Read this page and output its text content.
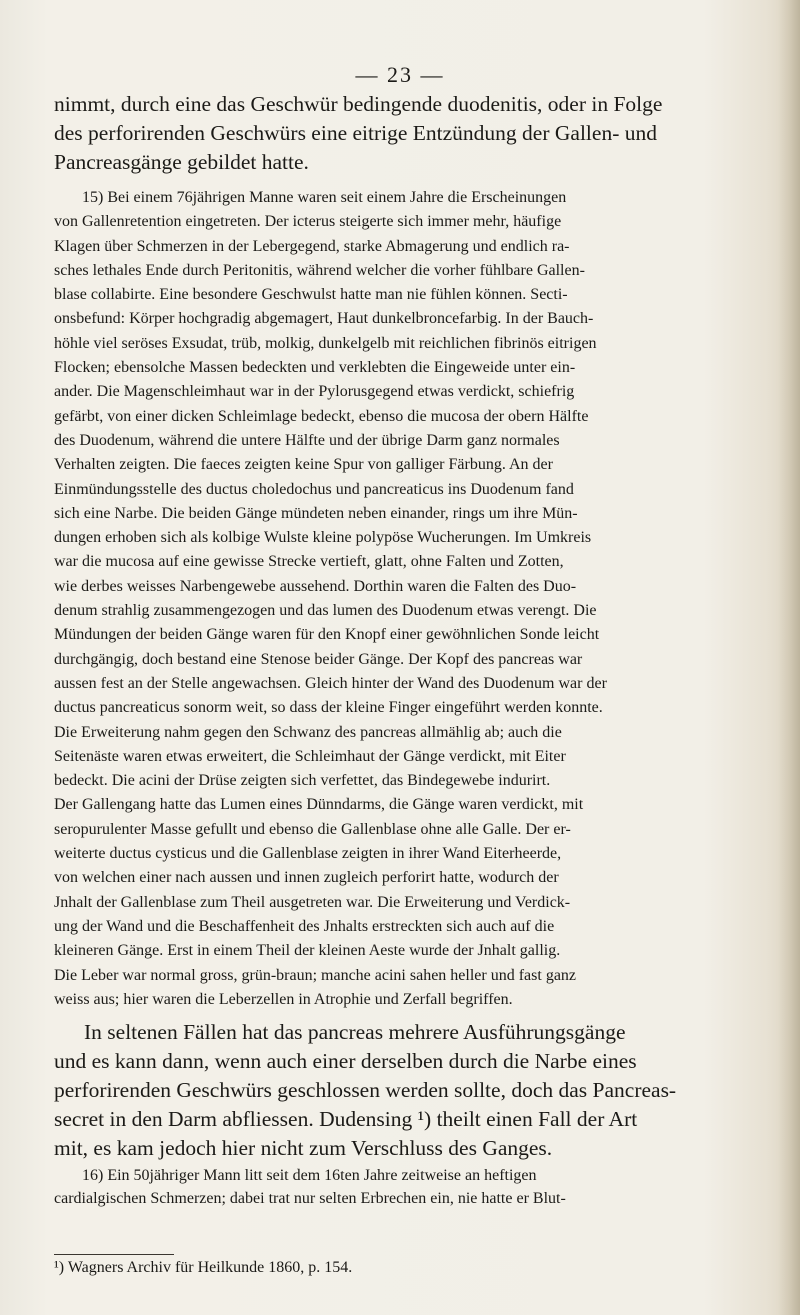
— 23 —
nimmt, durch eine das Geschwür bedingende duodenitis, oder in Folge
des perforirenden Geschwürs eine eitrige Entzündung der Gallen- und
Pancreasgänge gebildet hatte.
15) Bei einem 76jährigen Manne waren seit einem Jahre die Erscheinungen
von Gallenretention eingetreten. Der icterus steigerte sich immer mehr, häufige
Klagen über Schmerzen in der Lebergegend, starke Abmagerung und endlich ra-
sches lethales Ende durch Peritonitis, während welcher die vorher fühlbare Gallen-
blase collabirte. Eine besondere Geschwulst hatte man nie fühlen können. Secti-
onsbefund: Körper hochgradig abgemagert, Haut dunkelbroncefarbig. In der Bauch-
höhle viel seröses Exsudat, trüb, molkig, dunkelgelb mit reichlichen fibrinös eitrigen
Flocken; ebensolche Massen bedeckten und verklebten die Eingeweide unter ein-
ander. Die Magenschleimhaut war in der Pylorusgegend etwas verdickt, schiefrig
gefärbt, von einer dicken Schleimlage bedeckt, ebenso die mucosa der obern Hälfte
des Duodenum, während die untere Hälfte und der übrige Darm ganz normales
Verhalten zeigten. Die faeces zeigten keine Spur von galliger Färbung. An der
Einmündungsstelle des ductus choledochus und pancreaticus ins Duodenum fand
sich eine Narbe. Die beiden Gänge mündeten neben einander, rings um ihre Mün-
dungen erhoben sich als kolbige Wulste kleine polypöse Wucherungen. Im Umkreis
war die mucosa auf eine gewisse Strecke vertieft, glatt, ohne Falten und Zotten,
wie derbes weisses Narbengewebe aussehend. Dorthin waren die Falten des Duo-
denum strahlig zusammengezogen und das lumen des Duodenum etwas verengt. Die
Mündungen der beiden Gänge waren für den Knopf einer gewöhnlichen Sonde leicht
durchgängig, doch bestand eine Stenose beider Gänge. Der Kopf des pancreas war
aussen fest an der Stelle angewachsen. Gleich hinter der Wand des Duodenum war der
ductus pancreaticus sonorm weit, so dass der kleine Finger eingeführt werden konnte.
Die Erweiterung nahm gegen den Schwanz des pancreas allmählig ab; auch die
Seitenäste waren etwas erweitert, die Schleimhaut der Gänge verdickt, mit Eiter
bedeckt. Die acini der Drüse zeigten sich verfettet, das Bindegewebe indurirt.
Der Gallengang hatte das Lumen eines Dünndarms, die Gänge waren verdickt, mit
seropurulenter Masse gefullt und ebenso die Gallenblase ohne alle Galle. Der er-
weiterte ductus cysticus und die Gallenblase zeigten in ihrer Wand Eiterheerde,
von welchen einer nach aussen und innen zugleich perforirt hatte, wodurch der
Jnhalt der Gallenblase zum Theil ausgetreten war. Die Erweiterung und Verdick-
ung der Wand und die Beschaffenheit des Jnhalts erstreckten sich auch auf die
kleineren Gänge. Erst in einem Theil der kleinen Aeste wurde der Jnhalt gallig.
Die Leber war normal gross, grün-braun; manche acini sahen heller und fast ganz
weiss aus; hier waren die Leberzellen in Atrophie und Zerfall begriffen.
In seltenen Fällen hat das pancreas mehrere Ausführungsgänge
und es kann dann, wenn auch einer derselben durch die Narbe eines
perforirenden Geschwürs geschlossen werden sollte, doch das Pancreas-
secret in den Darm abfliessen. Dudensing ¹) theilt einen Fall der Art
mit, es kam jedoch hier nicht zum Verschluss des Ganges.
16) Ein 50jähriger Mann litt seit dem 16ten Jahre zeitweise an heftigen
cardialgischen Schmerzen; dabei trat nur selten Erbrechen ein, nie hatte er Blut-
¹) Wagners Archiv für Heilkunde 1860, p. 154.
